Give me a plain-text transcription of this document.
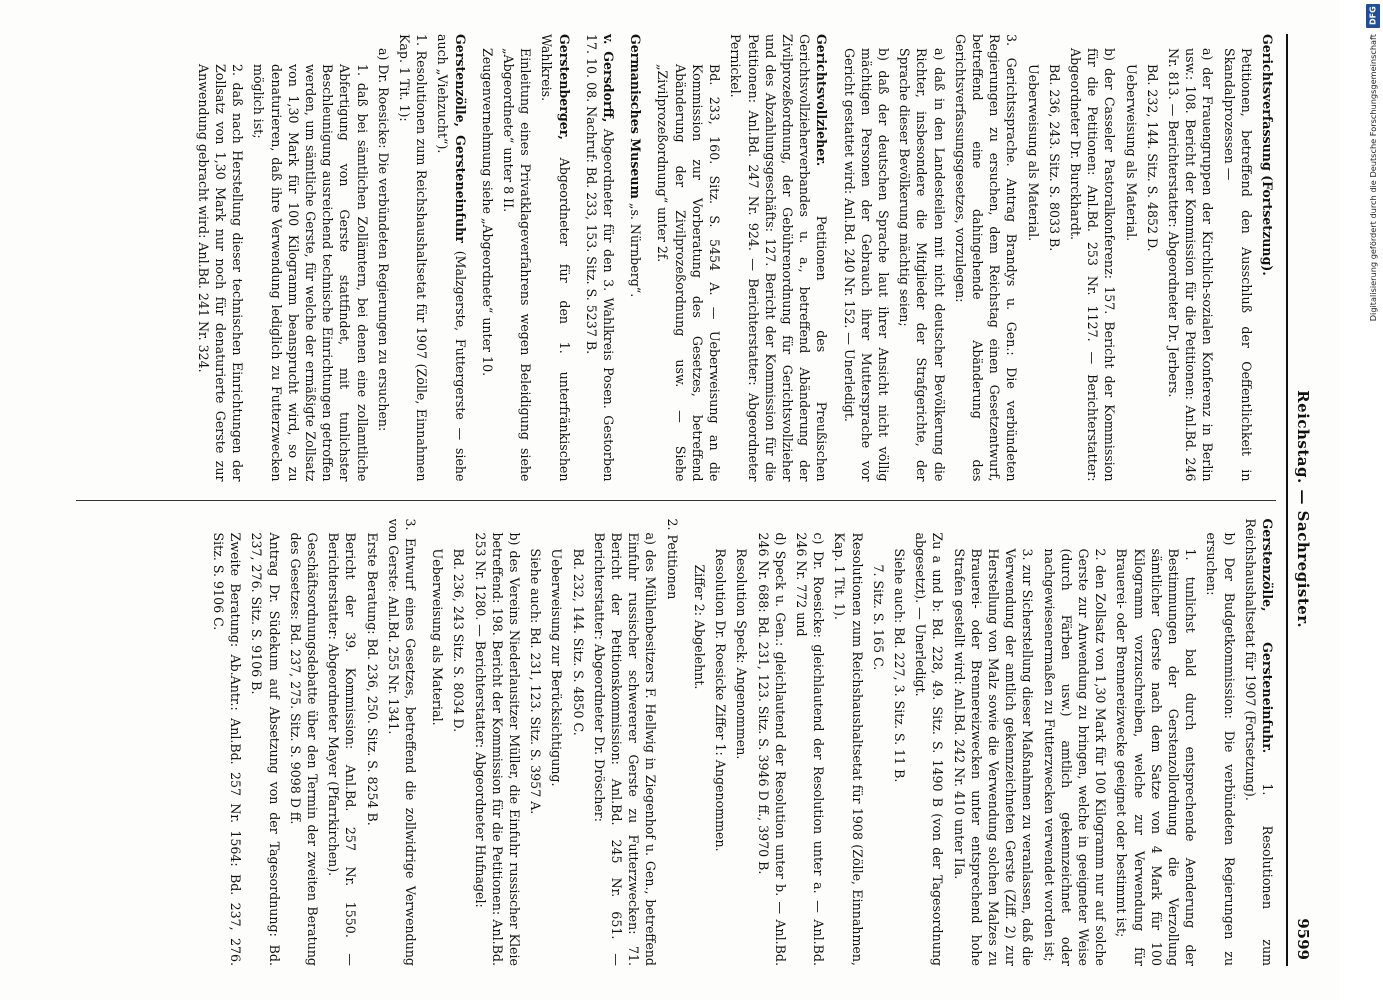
Reichstag. — Sachregister.
9599
Gerichtsverfassung (Fortsetzung).
Petitionen, betreffend den Ausschluß der Oeffentlichkeit in Skandalprozessen —
a) der Frauengruppen der Kirchlich-sozialen Konferenz in Berlin usw.: 108. Bericht der Kommission für die Petitionen: Anl.Bd. 246 Nr. 813. — Berichterstatter: Abgeordneter Dr. Jerbers.
Bd. 232, 144. Sitz. S. 4852 D.
Ueberweisung als Material.
b) der Casseler Pastoralkonferenz: 157. Bericht der Kommission für die Petitionen: Anl.Bd. 253 Nr. 1127. — Berichterstatter: Abgeordneter Dr. Burckhardt.
Bd. 236, 243. Sitz. S. 8033 B.
Ueberweisung als Material.
3. Gerichtssprache. Antrag Brandys u. Gen.: Die verbündeten Regierungen zu ersuchen, dem Reichstag einen Gesetzentwurf, betreffend eine dahingehende Abänderung des Gerichtsverfassungsgesetzes, vorzulegen:
a) daß in den Landesteilen mit nicht deutscher Bevölkerung die Richter, insbesondere die Mitglieder der Strafgerichte, der Sprache dieser Bevölkerung mächtig seien;
b) daß der deutschen Sprache laut ihrer Ansicht nicht völlig mächtigen Personen der Gebrauch ihrer Muttersprache vor Gericht gestattet wird: Anl.Bd. 240 Nr. 152. — Unerledigt.
Gerichtsvollzieher. Petitionen des Preußischen Gerichtsvollzieherverbandes u. a., betreffend Abänderung der Zivilprozeßordnung, der Gebührenordnung für Gerichtsvollzieher und des Abzahlungsgeschäfts: 127. Bericht der Kommission für die Petitionen: Anl.Bd. 247 Nr. 924. — Berichterstatter: Abgeordneter Pernickel.
Bd. 233, 160. Sitz. S. 5454 A. — Ueberweisung an die Kommission zur Vorberatung des Gesetzes, betreffend Abänderung der Zivilprozeßordnung usw. — Siehe „Zivilprozeßordnung“ unter 2f.
Germanisches Museum „s. Nürnberg“.
v. Gersdorff, Abgeordneter für den 3. Wahlkreis Posen. Gestorben 17. 10. 08. Nachruf: Bd. 233, 153. Sitz. S. 5237 B.
Gerstenberger, Abgeordneter für den 1. unterfränkischen Wahlkreis.
Einleitung eines Privatklageverfahrens wegen Beleidigung siehe „Abgeordnete“ unter 8 II.
Zeugenvernehmung siehe „Abgeordnete“ unter 10.
Gerstenzölle, Gersteneinfuhr (Malzgerste, Futtergerste — siehe auch „Viehzucht“).
1. Resolutionen zum Reichshaushaltsetat für 1907 (Zölle, Einnahmen Kap. 1 Tit. 1):
a) Dr. Roesicke: Die verbündeten Regierungen zu ersuchen:
1. daß bei sämtlichen Zollämtern, bei denen eine zollamtliche Abfertigung von Gerste stattfindet, mit tunlichster Beschleunigung ausreichend technische Einrichtungen getroffen werden, um sämtliche Gerste, für welche der ermäßigte Zollsatz von 1,30 Mark für 100 Kilogramm beansprucht wird, so zu denaturieren, daß ihre Verwendung lediglich zu Futterzwecken möglich ist;
2. daß nach Herstellung dieser technischen Einrichtungen der Zollsatz von 1,30 Mark nur noch für denaturierte Gerste zur Anwendung gebracht wird: Anl.Bd. 241 Nr. 324.
Gerstenzölle, Gersteneinfuhr. 1. Resolutionen zum Reichshaushaltsetat für 1907 (Fortsetzung).
b) Der Budgetkommission: Die verbündeten Regierungen zu ersuchen:
1. tunlichst bald durch entsprechende Aenderung der Bestimmungen der Gerstenzollordnung die Verzollung sämtlicher Gerste nach dem Satze von 4 Mark für 100 Kilogramm vorzuschreiben, welche zur Verwendung für Brauerei- oder Brennereizwecke geeignet oder bestimmt ist;
2. den Zollsatz von 1,30 Mark für 100 Kilogramm nur auf solche Gerste zur Anwendung zu bringen, welche in geeigneter Weise (durch Färben usw.) amtlich gekennzeichnet oder nachgewiesenermaßen zu Futterzwecken verwendet worden ist;
3. zur Sicherstellung dieser Maßnahmen zu veranlassen, daß die Verwendung der amtlich gekennzeichneten Gerste (Ziff. 2) zur Herstellung von Malz sowie die Verwendung solchen Malzes zu Brauerei- oder Brennereizwecken unter entsprechend hohe Strafen gestellt wird: Anl.Bd. 242 Nr. 410 unter IIa.
Zu a und b: Bd. 228, 49. Sitz. S. 1490 B (von der Tagesordnung abgesetzt). — Unerledigt.
Siehe auch: Bd. 227, 3. Sitz. S. 11 B.
7. Sitz. S. 165 C.
Resolutionen zum Reichshaushaltsetat für 1908 (Zölle, Einnahmen, Kap. 1 Tit. 1).
c) Dr. Roesicke: gleichlautend der Resolution unter a. — Anl.Bd. 246 Nr. 772 und
d) Speck u. Gen.: gleichlautend der Resolution unter b. — Anl.Bd. 246 Nr. 688: Bd. 231, 123. Sitz. S. 3946 D ff., 3970 B.
Resolution Speck: Angenommen.
Resolution Dr. Roesicke Ziffer 1: Angenommen.
Ziffer 2: Abgelehnt.
2. Petitionen
a) des Mühlenbesitzers F. Hellwig in Ziegenhof u. Gen., betreffend Einfuhr russischer schwererer Gerste zu Futterzwecken: 71. Bericht der Petitionskommission: Anl.Bd. 245 Nr. 651. — Berichterstatter: Abgeordneter Dr. Dröscher:
Bd. 232, 144. Sitz. S. 4850 C.
Ueberweisung zur Berücksichtigung.
Siehe auch: Bd. 231, 123. Sitz. S. 3957 A.
b) des Vereins Niederlausitzer Müller, die Einfuhr russischer Kleie betreffend: 198. Bericht der Kommission für die Petitionen: Anl.Bd. 253 Nr. 1280. — Berichterstatter: Abgeordneter Hufnagel:
Bd. 236, 243 Sitz. S. 8034 D.
Ueberweisung als Material.
3. Entwurf eines Gesetzes, betreffend die zollwidrige Verwendung von Gerste: Anl.Bd. 255 Nr. 1341.
Erste Beratung: Bd. 236, 250. Sitz. S. 8254 B.
Bericht der 39. Kommission: Anl.Bd. 257 Nr. 1550. — Berichterstatter: Abgeordneter Mayer (Pfarrkirchen).
Geschäftsordnungsdebatte über den Termin der zweiten Beratung des Gesetzes: Bd. 237, 275. Sitz. S. 9098 D ff.
Antrag Dr. Südekum auf Absetzung von der Tagesordnung: Bd. 237, 276. Sitz. S. 9106 B.
Zweite Beratung: Ab.Antr.: Anl.Bd. 257 Nr. 1564: Bd. 237, 276. Sitz. S. 9106 C.
DFG
Digitalisierung gefördert durch die Deutsche Forschungsgemeinschaft
